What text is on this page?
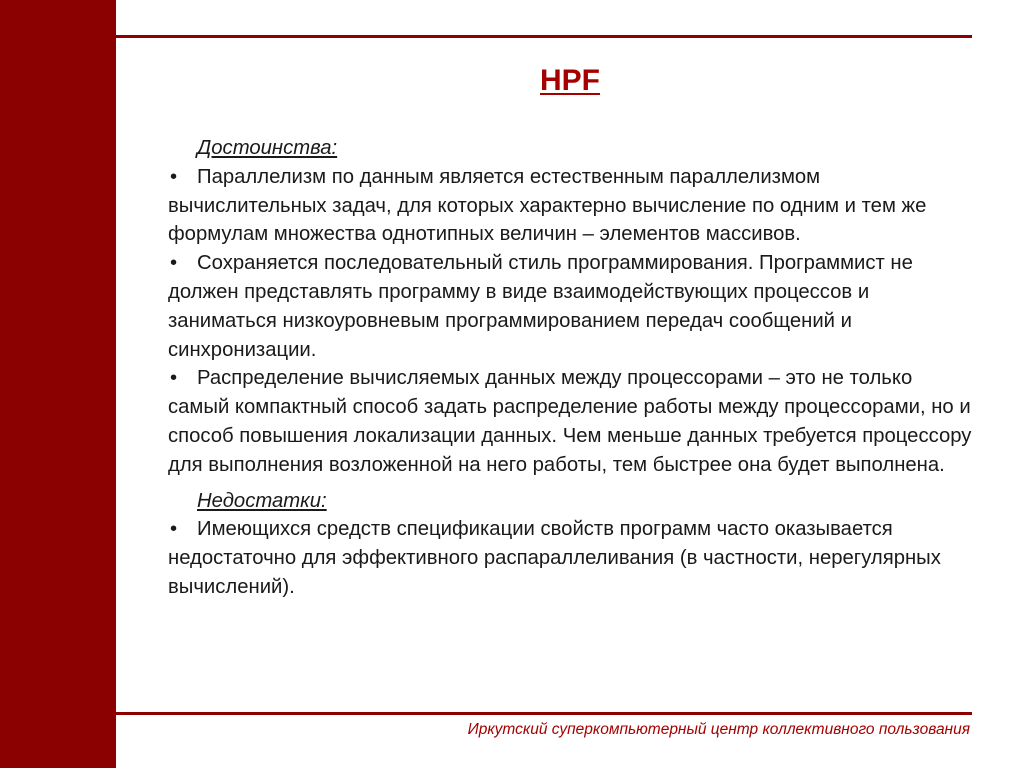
HPF
Достоинства:

• Параллелизм по данным является естественным параллелизмом вычислительных задач, для которых характерно вычисление по одним и тем же формулам множества однотипных величин – элементов массивов.

• Сохраняется последовательный стиль программирования. Программист не должен представлять программу в виде взаимодействующих процессов и заниматься низкоуровневым программированием передач сообщений и синхронизации.

• Распределение вычисляемых данных между процессорами – это не только самый компактный способ задать распределение работы между процессорами, но и способ повышения локализации данных. Чем меньше данных требуется процессору для выполнения возложенной на него работы, тем быстрее она будет выполнена.

Недостатки:

• Имеющихся средств спецификации свойств программ часто оказывается недостаточно для эффективного распараллеливания (в частности, нерегулярных вычислений).

Иркутский суперкомпьютерный центр коллективного пользования
